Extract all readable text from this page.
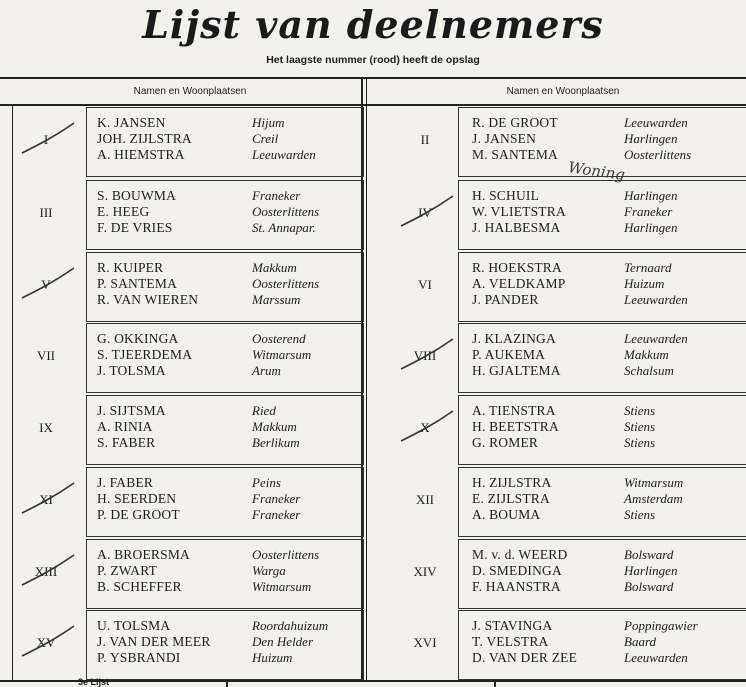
Lijst van deelnemers
Het laagste nummer (rood) heeft de opslag
Namen en Woonplaatsen	Namen en Woonplaatsen
I
K. JANSEN
JOH. ZIJLSTRA
A. HIEMSTRA
Hijum
Creil
Leeuwarden
III
S. BOUWMA
E. HEEG
F. DE VRIES
Franeker
Oosterlittens
St. Annapar.
V
R. KUIPER
P. SANTEMA
R. VAN WIEREN
Makkum
Oosterlittens
Marssum
VII
G. OKKINGA
S. TJEERDEMA
J. TOLSMA
Oosterend
Witmarsum
Arum
IX
J. SIJTSMA
A. RINIA
S. FABER
Ried
Makkum
Berlikum
XI
J. FABER
H. SEERDEN
P. DE GROOT
Peins
Franeker
Franeker
XIII
A. BROERSMA
P. ZWART
B. SCHEFFER
Oosterlittens
Warga
Witmarsum
XV
U. TOLSMA
J. VAN DER MEER
P. YSBRANDI
Roordahuizum
Den Helder
Huizum
II
R. DE GROOT
J. JANSEN
M. SANTEMA
Leeuwarden
Harlingen
Oosterlittens
IV
H. SCHUIL
W. VLIETSTRA
J. HALBESMA
Harlingen
Franeker
Harlingen
VI
R. HOEKSTRA
A. VELDKAMP
J. PANDER
Ternaard
Huizum
Leeuwarden
VIII
J. KLAZINGA
P. AUKEMA
H. GJALTEMA
Leeuwarden
Makkum
Schalsum
X
A. TIENSTRA
H. BEETSTRA
G. ROMER
Stiens
Stiens
Stiens
XII
H. ZIJLSTRA
E. ZIJLSTRA
A. BOUMA
Witmarsum
Amsterdam
Stiens
XIV
M. v. d. WEERD
D. SMEDINGA
F. HAANSTRA
Bolsward
Harlingen
Bolsward
XVI
J. STAVINGA
T. VELSTRA
D. VAN DER ZEE
Poppingawier
Baard
Leeuwarden
Woning
3e Lijst
